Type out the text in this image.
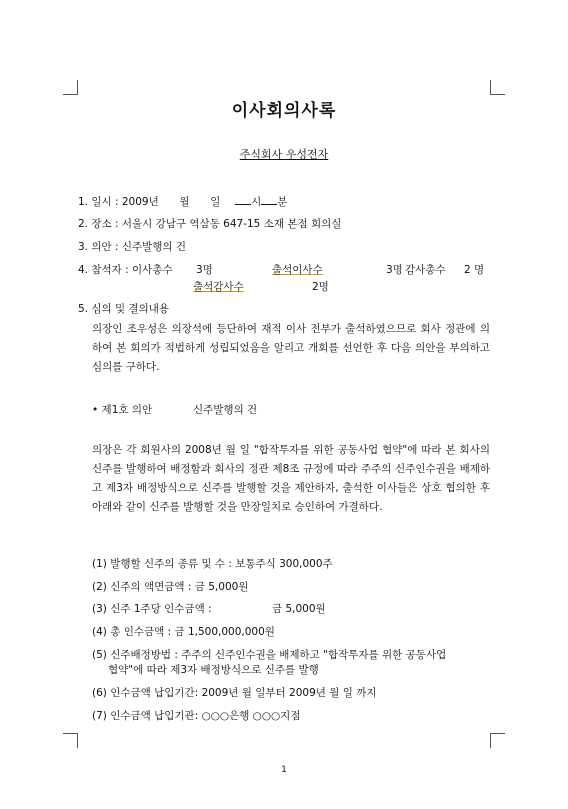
이사회의사록
주식회사 우성전자
1. 일시 : 2009년 월 일	시 분
2. 장소 : 서울시 강남구 역삼동 647-15 소재 본점 회의실
3. 의안 : 신주발행의 건
4. 참석자 : 이사총수 3명	출석이사수	3명 감사총수 2 명
출석감사수	2명
5. 심의 및 결의내용
의장인 조우성은 의장석에 등단하여 재적 이사 전부가 출석하였으므로 회사 정관에 의하여 본 회의가 적법하게 성립되었음을 알리고 개회를 선언한 후 다음 의안을 부의하고 심의를 구하다.
• 제1호 의안	신주발행의 건
의장은 각 회원사의 2008년 월 일 "합작투자를 위한 공동사업 협약"에 따라 본 회사의 신주를 발행하여 배정함과 회사의 정관 제8조 규정에 따라 주주의 신주인수권을 배제하고 제3자 배정방식으로 신주를 발행할 것을 제안하자, 출석한 이사들은 상호 협의한 후 아래와 같이 신주를 발행할 것을 만장일치로 승인하여 가결하다.
(1) 발행할 신주의 종류 및 수 : 보통주식 300,000주
(2) 신주의 액면금액 : 금 5,000원
(3) 신주 1주당 인수금액 :	금 5,000원
(4) 총 인수금액 : 금 1,500,000,000원
(5) 신주배정방법 : 주주의 신주인수권을 배제하고 "합작투자를 위한 공동사업
협약"에 따라 제3자 배정방식으로 신주를 발행
(6) 인수금액 납입기간: 2009년 월 일부터 2009년 월 일 까지
(7) 인수금액 납입기관: ○○○은행 ○○○지점
1
